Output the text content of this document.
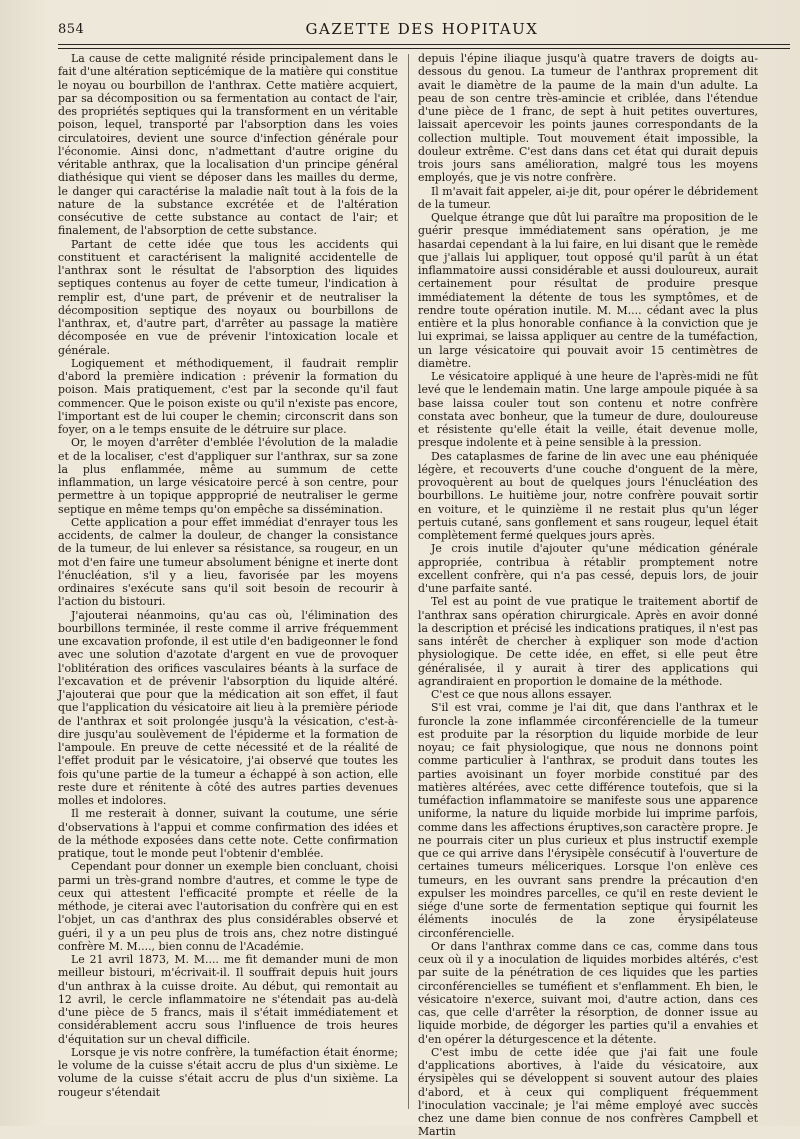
854	GAZETTE DES HOPITAUX

La cause de cette malignité réside principalement dans le fait d'une altération septicémique de la matière qui constitue le noyau ou bourbillon de l'anthrax. Cette matière acquiert, par sa décomposition ou sa fermentation au contact de l'air, des propriétés septiques qui la transforment en un véritable poison, lequel, transporté par l'absorption dans les voies circulatoires, devient une source d'infection générale pour l'économie. Ainsi donc, n'admettant d'autre origine du véritable anthrax, que la localisation d'un principe général diathésique qui vient se déposer dans les mailles du derme, le danger qui caractérise la maladie naît tout à la fois de la nature de la substance excrétée et de l'altération consécutive de cette substance au contact de l'air; et finalement, de l'absorption de cette substance.

Partant de cette idée que tous les accidents qui constituent et caractérisent la malignité accidentelle de l'anthrax sont le résultat de l'absorption des liquides septiques contenus au foyer de cette tumeur, l'indication à remplir est, d'une part, de prévenir et de neutraliser la décomposition septique des noyaux ou bourbillons de l'anthrax, et, d'autre part, d'arrêter au passage la matière décomposée en vue de prévenir l'intoxication locale et générale.

Logiquement et méthodiquement, il faudrait remplir d'abord la première indication : prévenir la formation du poison. Mais pratiquement, c'est par la seconde qu'il faut commencer. Que le poison existe ou qu'il n'existe pas encore, l'important est de lui couper le chemin; circonscrit dans son foyer, on a le temps ensuite de le détruire sur place.

Or, le moyen d'arrêter d'emblée l'évolution de la maladie et de la localiser, c'est d'appliquer sur l'anthrax, sur sa zone la plus enflammée, même au summum de cette inflammation, un large vésicatoire percé à son centre, pour permettre à un topique appproprié de neutraliser le germe septique en même temps qu'on empêche sa dissémination.

Cette application a pour effet immédiat d'enrayer tous les accidents, de calmer la douleur, de changer la consistance de la tumeur, de lui enlever sa résistance, sa rougeur, en un mot d'en faire une tumeur absolument bénigne et inerte dont l'énucléation, s'il y a lieu, favorisée par les moyens ordinaires s'exécute sans qu'il soit besoin de recourir à l'action du bistouri.

J'ajouterai néanmoins, qu'au cas où, l'élimination des bourbillons terminée, il reste comme il arrive fréquemment une excavation profonde, il est utile d'en badigeonner le fond avec une solution d'azotate d'argent en vue de provoquer l'oblitération des orifices vasculaires béants à la surface de l'excavation et de prévenir l'absorption du liquide altéré. J'ajouterai que pour que la médication ait son effet, il faut que l'application du vésicatoire ait lieu à la première période de l'anthrax et soit prolongée jusqu'à la vésication, c'est-à-dire jusqu'au soulèvement de l'épiderme et la formation de l'ampoule. En preuve de cette nécessité et de la réalité de l'effet produit par le vésicatoire, j'ai observé que toutes les fois qu'une partie de la tumeur a échappé à son action, elle reste dure et rénitente à côté des autres parties devenues molles et indolores.

Il me resterait à donner, suivant la coutume, une série d'observations à l'appui et comme confirmation des idées et de la méthode exposées dans cette note. Cette confirmation pratique, tout le monde peut l'obtenir d'emblée.

Cependant pour donner un exemple bien concluant, choisi parmi un très-grand nombre d'autres, et comme le type de ceux qui attestent l'efficacité prompte et réelle de la méthode, je citerai avec l'autorisation du confrère qui en est l'objet, un cas d'anthrax des plus considérables observé et guéri, il y a un peu plus de trois ans, chez notre distingué confrère M. M...., bien connu de l'Académie.

Le 21 avril 1873, M. M.... me fit demander muni de mon meilleur bistouri, m'écrivait-il. Il souffrait depuis huit jours d'un anthrax à la cuisse droite. Au début, qui remontait au 12 avril, le cercle inflammatoire ne s'étendait pas au-delà d'une pièce de 5 francs, mais il s'était immédiatement et considérablement accru sous l'influence de trois heures d'équitation sur un cheval difficile.

Lorsque je vis notre confrère, la tuméfaction était énorme; le volume de la cuisse s'était accru de plus d'un sixième. Le volume de la cuisse s'était accru de plus d'un sixième. La rougeur s'étendait

depuis l'épine iliaque jusqu'à quatre travers de doigts au-dessous du genou. La tumeur de l'anthrax proprement dit avait le diamètre de la paume de la main d'un adulte. La peau de son centre très-amincie et criblée, dans l'étendue d'une pièce de 1 franc, de sept à huit petites ouvertures, laissait apercevoir les points jaunes correspondants de la collection multiple. Tout mouvement était impossible, la douleur extrême. C'est dans dans cet état qui durait depuis trois jours sans amélioration, malgré tous les moyens employés, que je vis notre confrère.

Il m'avait fait appeler, ai-je dit, pour opérer le débridement de la tumeur.

Quelque étrange que dût lui paraître ma proposition de le guérir presque immédiatement sans opération, je me hasardai cependant à la lui faire, en lui disant que le remède que j'allais lui appliquer, tout opposé qu'il parût à un état inflammatoire aussi considérable et aussi douloureux, aurait certainement pour résultat de produire presque immédiatement la détente de tous les symptômes, et de rendre toute opération inutile. M. M.... cédant avec la plus entière et la plus honorable confiance à la conviction que je lui exprimai, se laissa appliquer au centre de la tuméfaction, un large vésicatoire qui pouvait avoir 15 centimètres de diamètre.

Le vésicatoire appliqué à une heure de l'après-midi ne fût levé que le lendemain matin. Une large ampoule piquée à sa base laissa couler tout son contenu et notre confrère constata avec bonheur, que la tumeur de dure, douloureuse et résistente qu'elle était la veille, était devenue molle, presque indolente et à peine sensible à la pression.

Des cataplasmes de farine de lin avec une eau phéniquée légère, et recouverts d'une couche d'onguent de la mère, provoquèrent au bout de quelques jours l'énucléation des bourbillons. Le huitième jour, notre confrère pouvait sortir en voiture, et le quinzième il ne restait plus qu'un léger pertuis cutané, sans gonflement et sans rougeur, lequel était complètement fermé quelques jours après.

Je crois inutile d'ajouter qu'une médication générale appropriée, contribua à rétablir promptement notre excellent confrère, qui n'a pas cessé, depuis lors, de jouir d'une parfaite santé.

Tel est au point de vue pratique le traitement abortif de l'anthrax sans opération chirurgicale. Après en avoir donné la description et précisé les indications pratiques, il n'est pas sans intérêt de chercher à expliquer son mode d'action physiologique. De cette idée, en effet, si elle peut être généralisée, il y aurait à tirer des applications qui agrandiraient en proportion le domaine de la méthode.

C'est ce que nous allons essayer.

S'il est vrai, comme je l'ai dit, que dans l'anthrax et le furoncle la zone inflammée circonférencielle de la tumeur est produite par la résorption du liquide morbide de leur noyau; ce fait physiologique, que nous ne donnons point comme particulier à l'anthrax, se produit dans toutes les parties avoisinant un foyer morbide constitué par des matières altérées, avec cette différence toutefois, que si la tuméfaction inflammatoire se manifeste sous une apparence uniforme, la nature du liquide morbide lui imprime parfois, comme dans les affections éruptives,son caractère propre. Je ne pourrais citer un plus curieux et plus instructif exemple que ce qui arrive dans l'érysipèle consécutif à l'ouverture de certaines tumeurs méliceriques. Lorsque l'on enlève ces tumeurs, en les ouvrant sans prendre la précaution d'en expulser les moindres parcelles, ce qu'il en reste devient le siége d'une sorte de fermentation septique qui fournit les éléments inoculés de la zone érysipélateuse circonférencielle.

Or dans l'anthrax comme dans ce cas, comme dans tous ceux où il y a inoculation de liquides morbides altérés, c'est par suite de la pénétration de ces liquides que les parties circonférencielles se tuméfient et s'enflamment. Eh bien, le vésicatoire n'exerce, suivant moi, d'autre action, dans ces cas, que celle d'arrêter la résorption, de donner issue au liquide morbide, de dégorger les parties qu'il a envahies et d'en opérer la déturgescence et la détente.

C'est imbu de cette idée que j'ai fait une foule d'applications abortives, à l'aide du vésicatoire, aux érysipèles qui se développent si souvent autour des plaies d'abord, et à ceux qui compliquent fréquemment l'inoculation vaccinale; je l'ai même employé avec succès chez une dame bien connue de nos confrères Campbell et Martin
